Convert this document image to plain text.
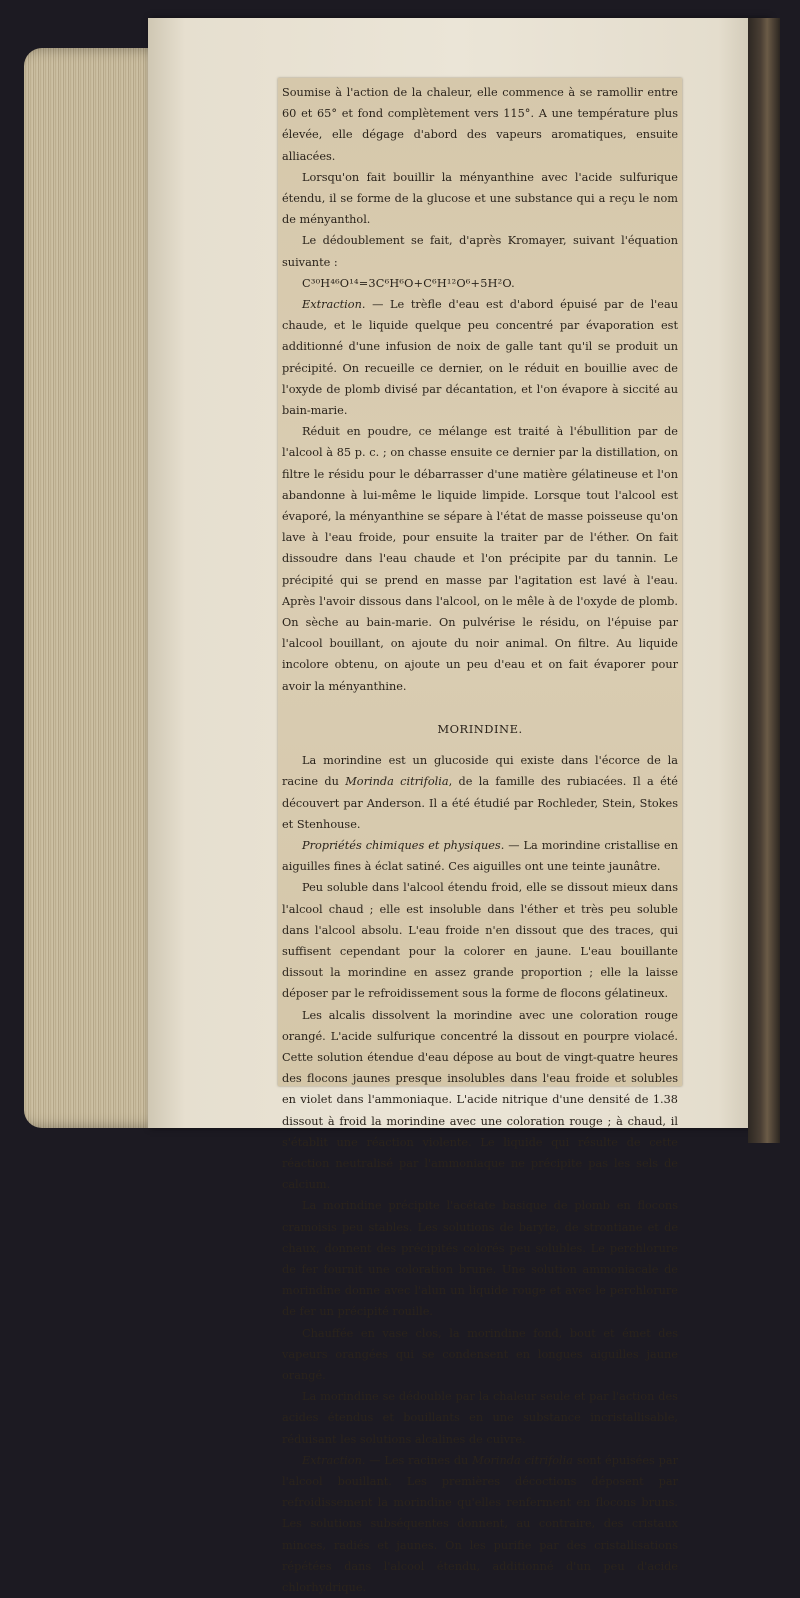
Soumise à l'action de la chaleur, elle commence à se ramollir entre 60 et 65° et fond complètement vers 115°. A une température plus élevée, elle dégage d'abord des vapeurs aromatiques, ensuite alliacées.

Lorsqu'on fait bouillir la ményanthine avec l'acide sulfurique étendu, il se forme de la glucose et une substance qui a reçu le nom de ményanthol.

Le dédoublement se fait, d'après Kromayer, suivant l'équation suivante :

C³⁰H⁴⁶O¹⁴=3C⁶H⁶O+C⁶H¹²O⁶+5H²O.

Extraction. — Le trèfle d'eau est d'abord épuisé par de l'eau chaude, et le liquide quelque peu concentré par évaporation est additionné d'une infusion de noix de galle tant qu'il se produit un précipité. On recueille ce dernier, on le réduit en bouillie avec de l'oxyde de plomb divisé par décantation, et l'on évapore à siccité au bain-marie.

Réduit en poudre, ce mélange est traité à l'ébullition par de l'alcool à 85 p. c. ; on chasse ensuite ce dernier par la distillation, on filtre le résidu pour le débarrasser d'une matière gélatineuse et l'on abandonne à lui-même le liquide limpide. Lorsque tout l'alcool est évaporé, la ményanthine se sépare à l'état de masse poisseuse qu'on lave à l'eau froide, pour ensuite la traiter par de l'éther. On fait dissoudre dans l'eau chaude et l'on précipite par du tannin. Le précipité qui se prend en masse par l'agitation est lavé à l'eau. Après l'avoir dissous dans l'alcool, on le mêle à de l'oxyde de plomb. On sèche au bain-marie. On pulvérise le résidu, on l'épuise par l'alcool bouillant, on ajoute du noir animal. On filtre. Au liquide incolore obtenu, on ajoute un peu d'eau et on fait évaporer pour avoir la ményanthine.

MORINDINE.

La morindine est un glucoside qui existe dans l'écorce de la racine du Morinda citrifolia, de la famille des rubiacées. Il a été découvert par Anderson. Il a été étudié par Rochleder, Stein, Stokes et Stenhouse.

Propriétés chimiques et physiques. — La morindine cristallise en aiguilles fines à éclat satiné. Ces aiguilles ont une teinte jaunâtre.

Peu soluble dans l'alcool étendu froid, elle se dissout mieux dans l'alcool chaud ; elle est insoluble dans l'éther et très peu soluble dans l'alcool absolu. L'eau froide n'en dissout que des traces, qui suffisent cependant pour la colorer en jaune. L'eau bouillante dissout la morindine en assez grande proportion ; elle la laisse déposer par le refroidissement sous la forme de flocons gélatineux.

Les alcalis dissolvent la morindine avec une coloration rouge orangé. L'acide sulfurique concentré la dissout en pourpre violacé. Cette solution étendue d'eau dépose au bout de vingt-quatre heures des flocons jaunes presque insolubles dans l'eau froide et solubles en violet dans l'ammoniaque. L'acide nitrique d'une densité de 1.38 dissout à froid la morindine avec une coloration rouge ; à chaud, il s'établit une réaction violente. Le liquide qui résulte de cette réaction neutralisé par l'ammoniaque ne précipite pas les sels de calcium.

La morindine précipite l'acétate basique de plomb en flocons cramoisis peu stables. Les solutions de baryte, de strontiane et de chaux, donnent des précipités colorés peu solubles. Le perchlorure de fer fournit une coloration brune. Une solution ammoniacale de morindine donne avec l'alun un liquide rouge et avec le perchlorure de fer un précipité rouille.

Chauffée en vase clos, la morindine fond, bout et émet des vapeurs orangées qui se condensent en longues aiguilles jaune orangé.

La morindine se dédouble par la chaleur seule et par l'action des acides étendus et bouillants en une substance incristallisable, réduisant les solutions alcalines de cuivre.

Extraction. — Les racines du Morinda citrifolia sont épuisées par l'alcool bouillant. Les premières décoctions déposent par refroidissement la morindine qu'elles renferment en flocons bruns. Les solutions subséquentes donnent, au contraire, des cristaux minces, radiés et jaunes. On les purifie par des cristallisations répétées dans l'alcool étendu, additionné d'un peu d'acide chlorhydrique.
